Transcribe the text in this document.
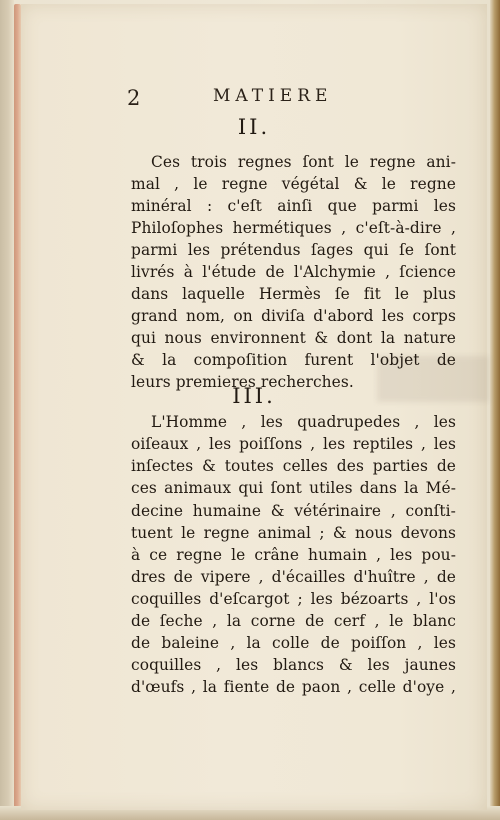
2	MATIERE
II.
Ces trois regnes ſont le regne ani-
mal , le regne végétal & le regne
minéral : c'eſt ainſi que parmi les
Philoſophes hermétiques , c'eſt-à-dire ,
parmi les prétendus ſages qui ſe ſont
livrés à l'étude de l'Alchymie , ſcience
dans laquelle Hermès ſe fit le plus
grand nom, on diviſa d'abord les corps
qui nous environnent & dont la nature
& la compoſition furent l'objet de
leurs premieres recherches.
III.
L'Homme , les quadrupedes , les
oiſeaux , les poiſſons , les reptiles , les
inſectes & toutes celles des parties de
ces animaux qui ſont utiles dans la Mé-
decine humaine & vétérinaire , conſti-
tuent le regne animal ; & nous devons
à ce regne le crâne humain , les pou-
dres de vipere , d'écailles d'huître , de
coquilles d'eſcargot ; les bézoarts , l'os
de ſeche , la corne de cerf , le blanc
de baleine , la colle de poiſſon , les
coquilles , les blancs & les jaunes
d'œufs , la fiente de paon , celle d'oye ,
